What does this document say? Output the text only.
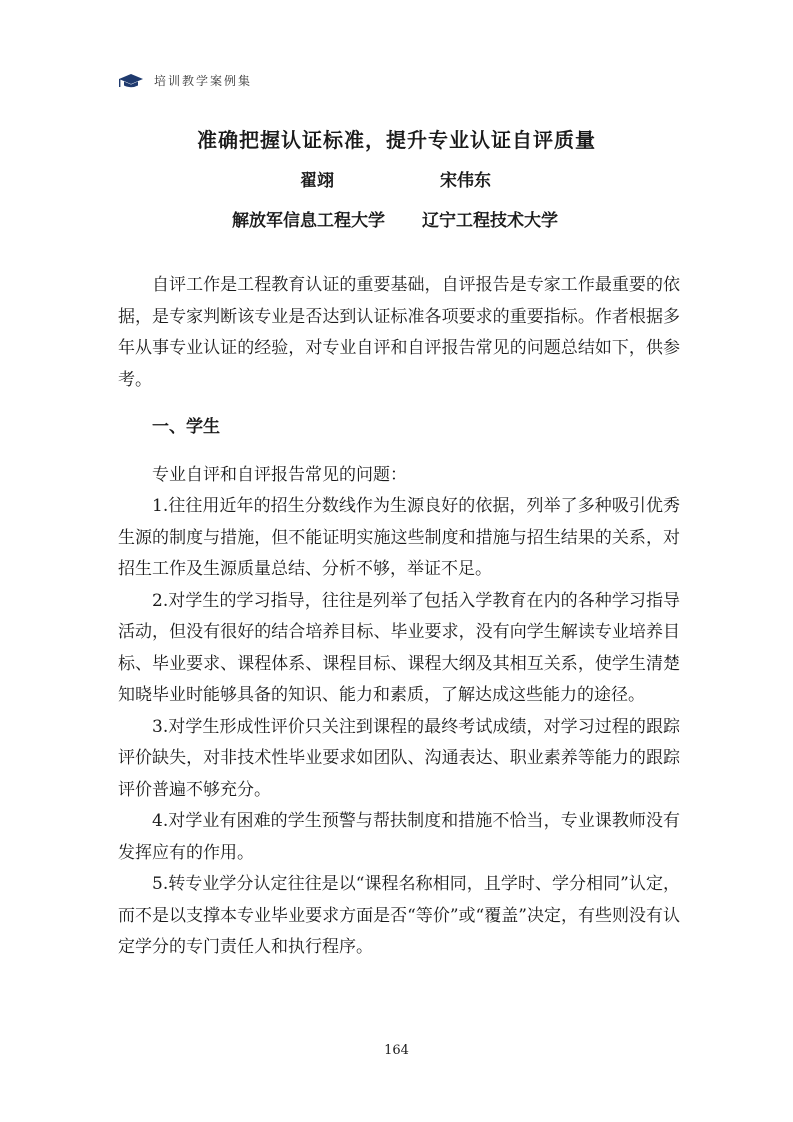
培训教学案例集
准确把握认证标准，提升专业认证自评质量
翟翊	宋伟东
解放军信息工程大学 辽宁工程技术大学

自评工作是工程教育认证的重要基础，自评报告是专家工作最重要的依据，是专家判断该专业是否达到认证标准各项要求的重要指标。作者根据多年从事专业认证的经验，对专业自评和自评报告常见的问题总结如下，供参考。

一、学生

专业自评和自评报告常见的问题：

1.往往用近年的招生分数线作为生源良好的依据，列举了多种吸引优秀生源的制度与措施，但不能证明实施这些制度和措施与招生结果的关系，对招生工作及生源质量总结、分析不够，举证不足。

2.对学生的学习指导，往往是列举了包括入学教育在内的各种学习指导活动，但没有很好的结合培养目标、毕业要求，没有向学生解读专业培养目标、毕业要求、课程体系、课程目标、课程大纲及其相互关系，使学生清楚知晓毕业时能够具备的知识、能力和素质，了解达成这些能力的途径。

3.对学生形成性评价只关注到课程的最终考试成绩，对学习过程的跟踪评价缺失，对非技术性毕业要求如团队、沟通表达、职业素养等能力的跟踪评价普遍不够充分。

4.对学业有困难的学生预警与帮扶制度和措施不恰当，专业课教师没有发挥应有的作用。

5.转专业学分认定往往是以“课程名称相同，且学时、学分相同”认定，而不是以支撑本专业毕业要求方面是否“等价”或“覆盖”决定，有些则没有认定学分的专门责任人和执行程序。

164
